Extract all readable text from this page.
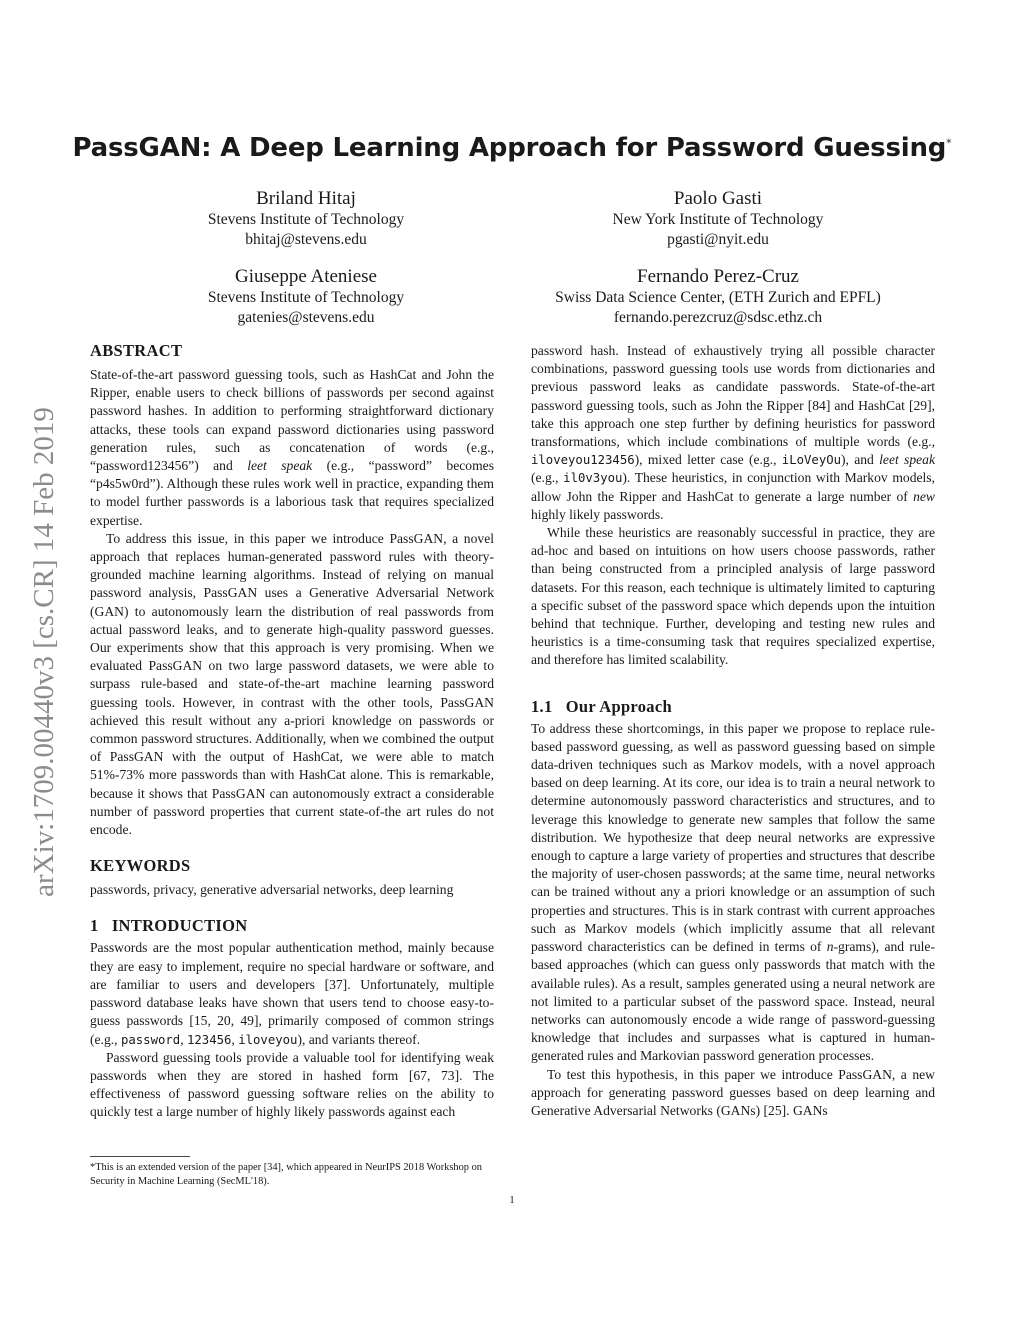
PassGAN: A Deep Learning Approach for Password Guessing*
Briland Hitaj
Stevens Institute of Technology
bhitaj@stevens.edu
Paolo Gasti
New York Institute of Technology
pgasti@nyit.edu
Giuseppe Ateniese
Stevens Institute of Technology
gatenies@stevens.edu
Fernando Perez-Cruz
Swiss Data Science Center, (ETH Zurich and EPFL)
fernando.perezcruz@sdsc.ethz.ch
arXiv:1709.00440v3 [cs.CR] 14 Feb 2019
ABSTRACT

State-of-the-art password guessing tools, such as HashCat and John the Ripper, enable users to check billions of passwords per second against password hashes. In addition to performing straightforward dictionary attacks, these tools can expand password dictionaries using password generation rules, such as concatenation of words (e.g., “password123456”) and leet speak (e.g., “password” becomes “p4s5w0rd”). Although these rules work well in practice, expanding them to model further passwords is a laborious task that requires specialized expertise.

To address this issue, in this paper we introduce PassGAN, a novel approach that replaces human-generated password rules with theory-grounded machine learning algorithms. Instead of relying on manual password analysis, PassGAN uses a Generative Adversarial Network (GAN) to autonomously learn the distribution of real passwords from actual password leaks, and to generate high-quality password guesses. Our experiments show that this approach is very promising. When we evaluated PassGAN on two large password datasets, we were able to surpass rule-based and state-of-the-art machine learning password guessing tools. However, in contrast with the other tools, PassGAN achieved this result without any a-priori knowledge on passwords or common password structures. Additionally, when we combined the output of PassGAN with the output of HashCat, we were able to match 51%-73% more passwords than with HashCat alone. This is remarkable, because it shows that PassGAN can autonomously extract a considerable number of password properties that current state-of-the art rules do not encode.

KEYWORDS

passwords, privacy, generative adversarial networks, deep learning

1   INTRODUCTION

Passwords are the most popular authentication method, mainly because they are easy to implement, require no special hardware or software, and are familiar to users and developers [37]. Unfortunately, multiple password database leaks have shown that users tend to choose easy-to-guess passwords [15, 20, 49], primarily composed of common strings (e.g., password, 123456, iloveyou), and variants thereof.

Password guessing tools provide a valuable tool for identifying weak passwords when they are stored in hashed form [67, 73]. The effectiveness of password guessing software relies on the ability to quickly test a large number of highly likely passwords against each

*This is an extended version of the paper [34], which appeared in NeurIPS 2018 Workshop on Security in Machine Learning (SecML'18).

password hash. Instead of exhaustively trying all possible character combinations, password guessing tools use words from dictionaries and previous password leaks as candidate passwords. State-of-the-art password guessing tools, such as John the Ripper [84] and HashCat [29], take this approach one step further by defining heuristics for password transformations, which include combinations of multiple words (e.g., iloveyou123456), mixed letter case (e.g., iLoVeyOu), and leet speak (e.g., il0v3you). These heuristics, in conjunction with Markov models, allow John the Ripper and HashCat to generate a large number of new highly likely passwords.

While these heuristics are reasonably successful in practice, they are ad-hoc and based on intuitions on how users choose passwords, rather than being constructed from a principled analysis of large password datasets. For this reason, each technique is ultimately limited to capturing a specific subset of the password space which depends upon the intuition behind that technique. Further, developing and testing new rules and heuristics is a time-consuming task that requires specialized expertise, and therefore has limited scalability.

1.1   Our Approach

To address these shortcomings, in this paper we propose to replace rule-based password guessing, as well as password guessing based on simple data-driven techniques such as Markov models, with a novel approach based on deep learning. At its core, our idea is to train a neural network to determine autonomously password characteristics and structures, and to leverage this knowledge to generate new samples that follow the same distribution. We hypothesize that deep neural networks are expressive enough to capture a large variety of properties and structures that describe the majority of user-chosen passwords; at the same time, neural networks can be trained without any a priori knowledge or an assumption of such properties and structures. This is in stark contrast with current approaches such as Markov models (which implicitly assume that all relevant password characteristics can be defined in terms of n-grams), and rule-based approaches (which can guess only passwords that match with the available rules). As a result, samples generated using a neural network are not limited to a particular subset of the password space. Instead, neural networks can autonomously encode a wide range of password-guessing knowledge that includes and surpasses what is captured in human-generated rules and Markovian password generation processes.

To test this hypothesis, in this paper we introduce PassGAN, a new approach for generating password guesses based on deep learning and Generative Adversarial Networks (GANs) [25]. GANs

1
